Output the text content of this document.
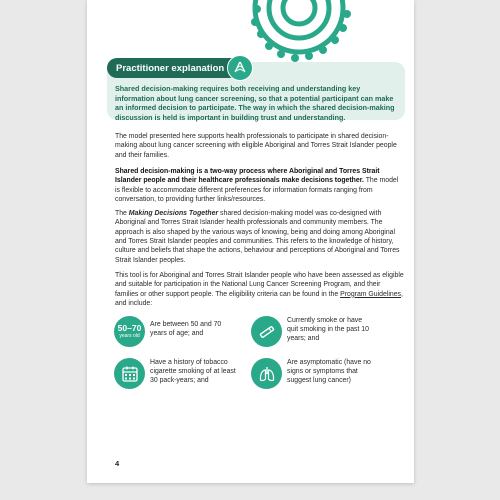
Practitioner explanation
Shared decision-making requires both receiving and understanding key information about lung cancer screening, so that a potential participant can make an informed decision to participate. The way in which the shared decision-making discussion is held is important in building trust and understanding.
The model presented here supports health professionals to participate in shared decision-making about lung cancer screening with eligible Aboriginal and Torres Strait Islander people and their families.
Shared decision-making is a two-way process where Aboriginal and Torres Strait Islander people and their healthcare professionals make decisions together. The model is flexible to accommodate different preferences for information formats ranging from conversation, to providing further links/resources.
The Making Decisions Together shared decision-making model was co-designed with Aboriginal and Torres Strait Islander health professionals and community members. The approach is also shaped by the various ways of knowing, being and doing among Aboriginal and Torres Strait Islander peoples and communities. This refers to the knowledge of history, culture and beliefs that shape the actions, behaviour and perceptions of Aboriginal and Torres Strait Islander peoples.
This tool is for Aboriginal and Torres Strait Islander people who have been assessed as eligible and suitable for participation in the National Lung Cancer Screening Program, and their families or other support people. The eligibility criteria can be found in the Program Guidelines, and include:
50–70
years old
Are between 50 and 70 years of age; and
Currently smoke or have quit smoking in the past 10 years; and
Have a history of tobacco cigarette smoking of at least 30 pack-years; and
Are asymptomatic (have no signs or symptoms that suggest lung cancer)
4
